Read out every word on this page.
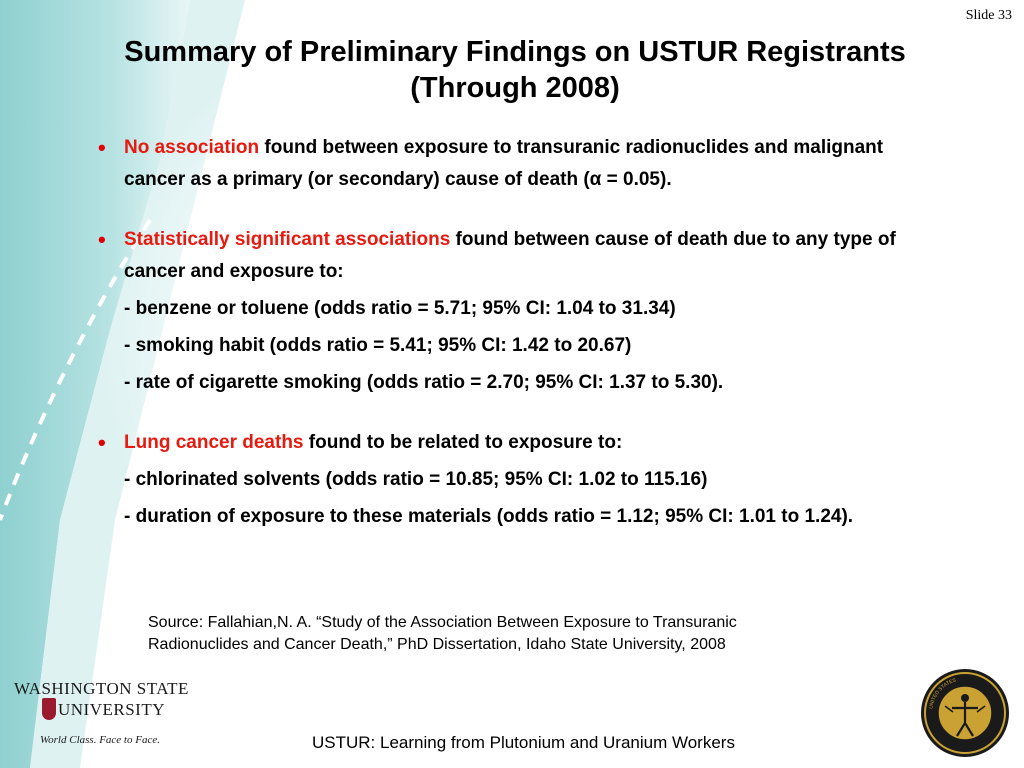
Slide 33
Summary of Preliminary Findings on USTUR Registrants
(Through 2008)
• No association found between exposure to transuranic radionuclides and malignant cancer as a primary (or secondary) cause of death (α = 0.05).
• Statistically significant associations found between cause of death due to any type of cancer and exposure to:
- benzene or toluene (odds ratio = 5.71; 95% CI: 1.04 to 31.34)
- smoking habit (odds ratio = 5.41; 95% CI: 1.42 to 20.67)
- rate of cigarette smoking (odds ratio = 2.70; 95% CI: 1.37 to 5.30).
• Lung cancer deaths found to be related to exposure to:
- chlorinated solvents (odds ratio = 10.85; 95% CI: 1.02 to 115.16)
- duration of exposure to these materials (odds ratio = 1.12; 95% CI: 1.01 to 1.24).
Source: Fallahian,N. A. “Study of the Association Between Exposure to Transuranic
Radionuclides and Cancer Death,” PhD Dissertation, Idaho State University, 2008
WASHINGTON STATE
UNIVERSITY
World Class. Face to Face.	USTUR: Learning from Plutonium and Uranium Workers
UNITED STATES
